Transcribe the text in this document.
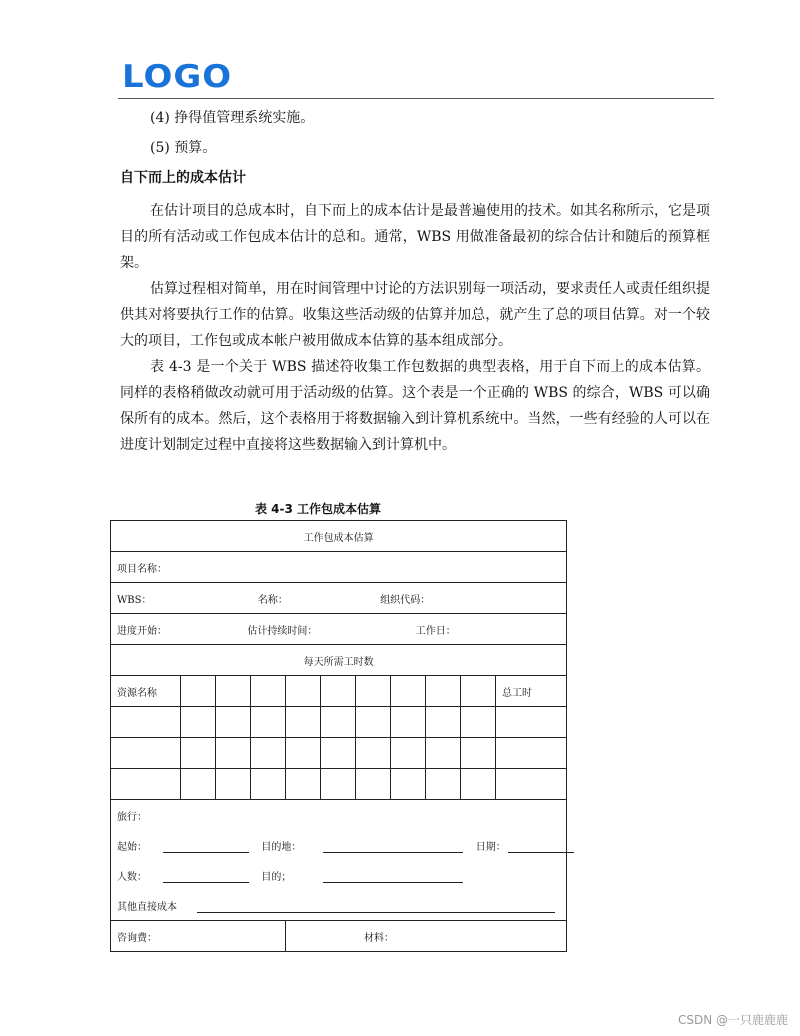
LOGO

(4) 挣得值管理系统实施。

(5) 预算。

自下而上的成本估计

在估计项目的总成本时，自下而上的成本估计是最普遍使用的技术。如其名称所示，它是项目的所有活动或工作包成本估计的总和。通常，WBS 用做准备最初的综合估计和随后的预算框架。

估算过程相对简单，用在时间管理中讨论的方法识别每一项活动，要求责任人或责任组织提供其对将要执行工作的估算。收集这些活动级的估算并加总，就产生了总的项目估算。对一个较大的项目，工作包或成本帐户被用做成本估算的基本组成部分。

表 4-3 是一个关于 WBS 描述符收集工作包数据的典型表格，用于自下而上的成本估算。同样的表格稍做改动就可用于活动级的估算。这个表是一个正确的 WBS 的综合，WBS 可以确保所有的成本。然后，这个表格用于将数据输入到计算机系统中。当然，一些有经验的人可以在进度计划制定过程中直接将这些数据输入到计算机中。

表 4-3 工作包成本估算
工作包成本估算										
项目名称：										
WBS： 名称： 组织代码：										
进度开始： 估计持续时间： 工作日：										
每天所需工时数										
资源名称										总工时

旅行：										
起始： 目的地： 日期：										
人数： 目的；										
其他直接成本										
咨询费：				材料：						
CSDN @一只鹿鹿鹿
